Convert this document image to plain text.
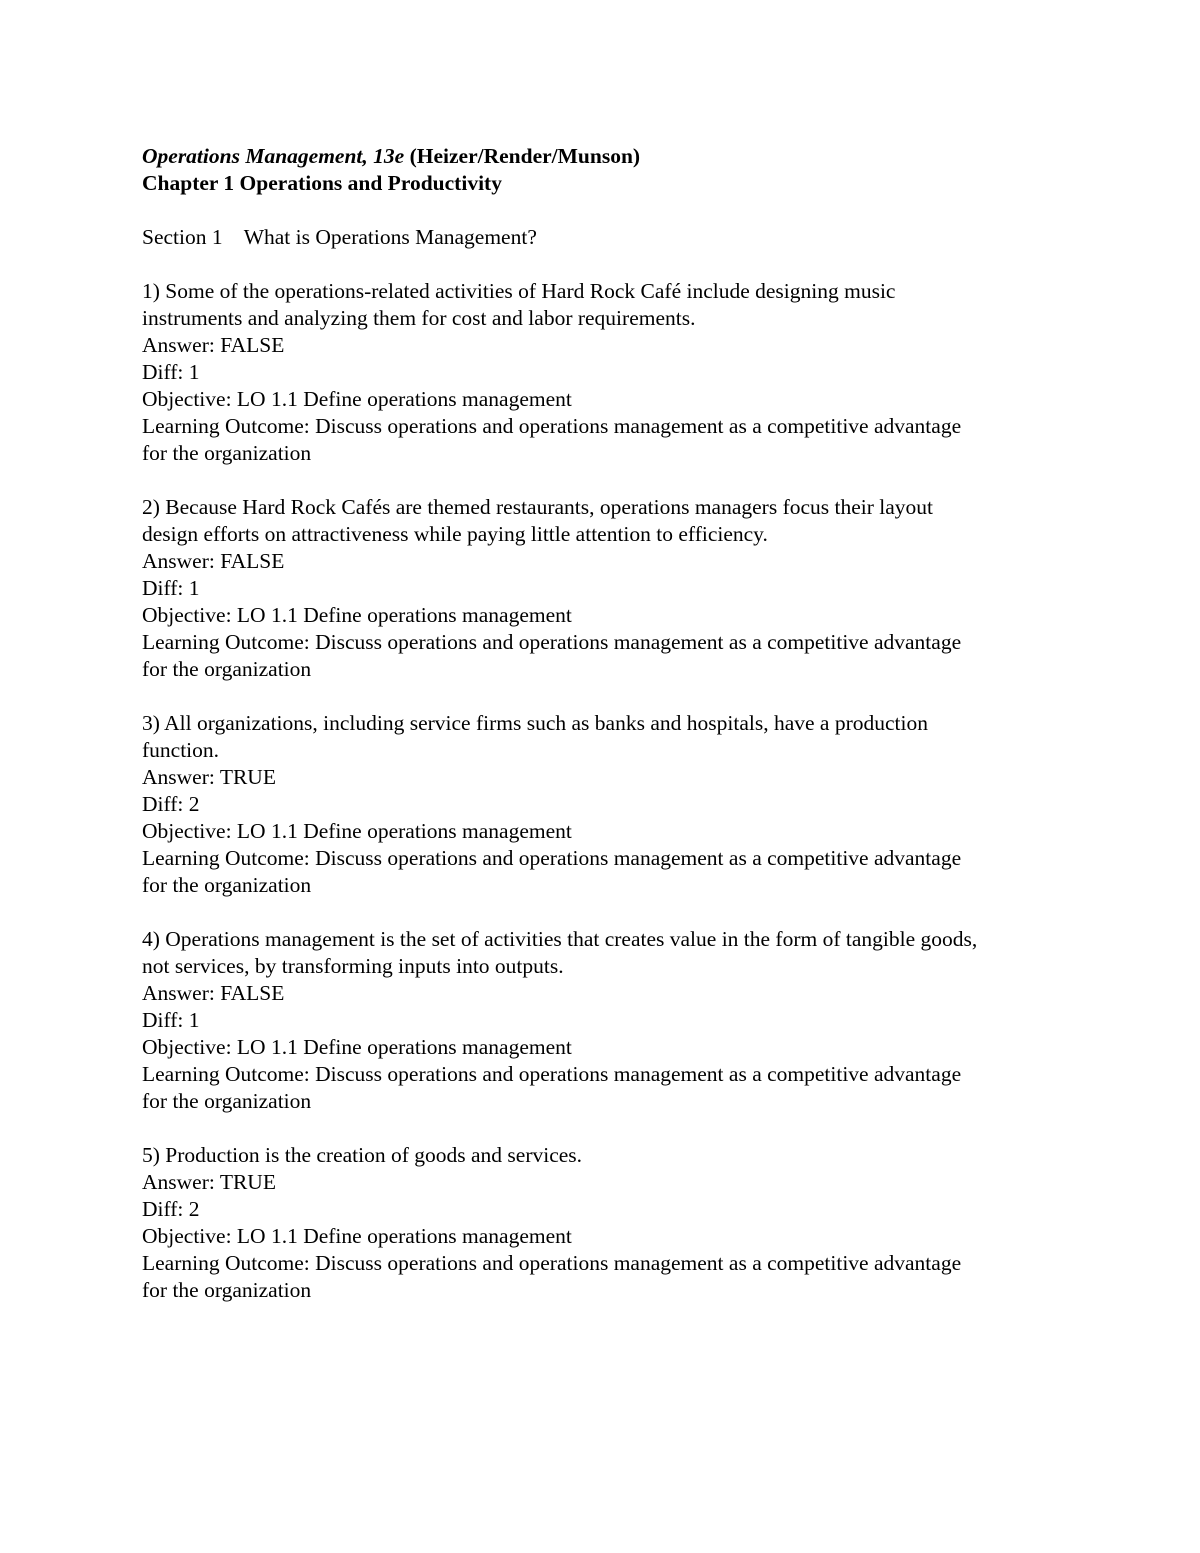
Operations Management, 13e (Heizer/Render/Munson)
Chapter 1 Operations and Productivity
Section 1    What is Operations Management?
1) Some of the operations-related activities of Hard Rock Café include designing music
instruments and analyzing them for cost and labor requirements.
Answer: FALSE
Diff: 1
Objective: LO 1.1 Define operations management
Learning Outcome: Discuss operations and operations management as a competitive advantage
for the organization
2) Because Hard Rock Cafés are themed restaurants, operations managers focus their layout
design efforts on attractiveness while paying little attention to efficiency.
Answer: FALSE
Diff: 1
Objective: LO 1.1 Define operations management
Learning Outcome: Discuss operations and operations management as a competitive advantage
for the organization
3) All organizations, including service firms such as banks and hospitals, have a production
function.
Answer: TRUE
Diff: 2
Objective: LO 1.1 Define operations management
Learning Outcome: Discuss operations and operations management as a competitive advantage
for the organization
4) Operations management is the set of activities that creates value in the form of tangible goods,
not services, by transforming inputs into outputs.
Answer: FALSE
Diff: 1
Objective: LO 1.1 Define operations management
Learning Outcome: Discuss operations and operations management as a competitive advantage
for the organization
5) Production is the creation of goods and services.
Answer: TRUE
Diff: 2
Objective: LO 1.1 Define operations management
Learning Outcome: Discuss operations and operations management as a competitive advantage
for the organization
